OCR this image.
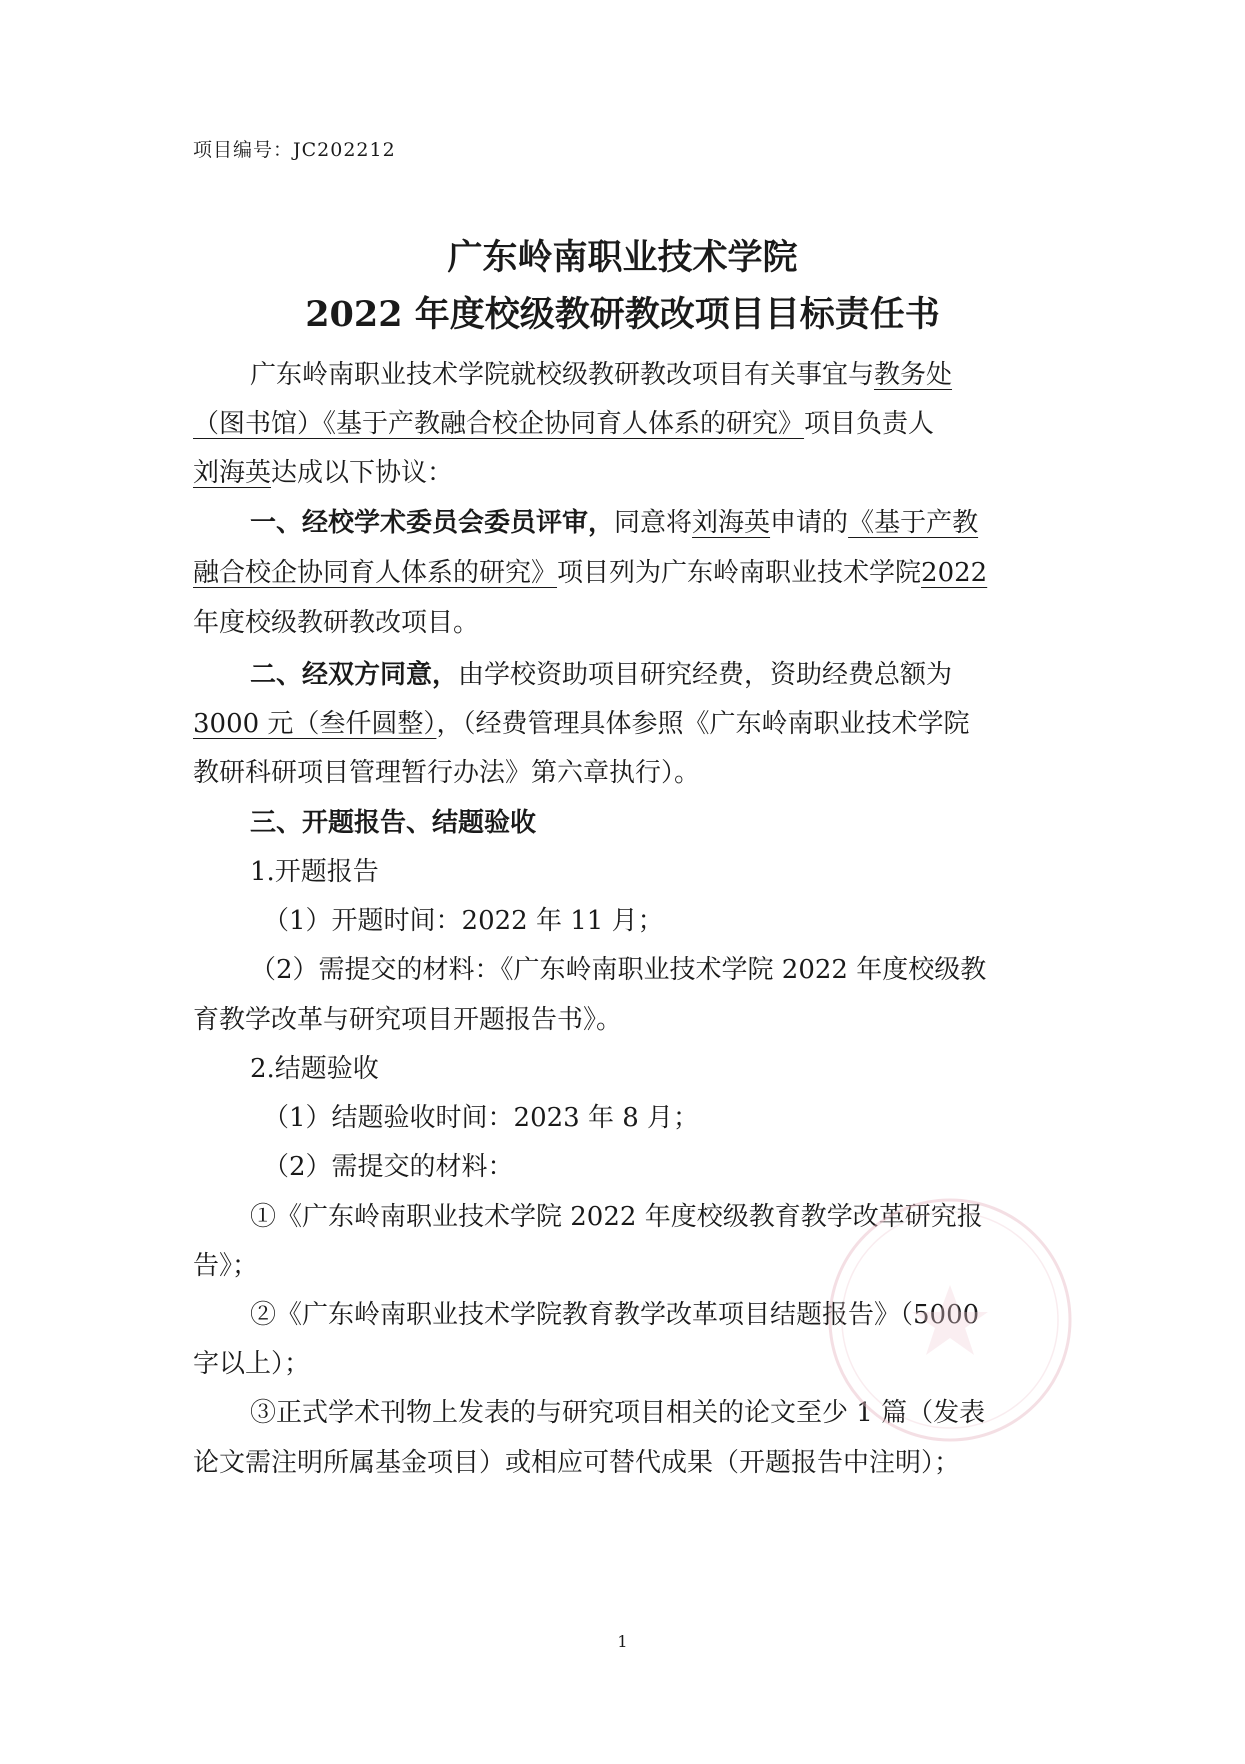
项目编号：JC202212
广东岭南职业技术学院
2022 年度校级教研教改项目目标责任书
广东岭南职业技术学院就校级教研教改项目有关事宜与教务处
（图书馆）《基于产教融合校企协同育人体系的研究》项目负责人
刘海英达成以下协议：
一、经校学术委员会委员评审，同意将刘海英申请的《基于产教
融合校企协同育人体系的研究》项目列为广东岭南职业技术学院2022
年度校级教研教改项目。
二、经双方同意，由学校资助项目研究经费，资助经费总额为
3000 元（叁仟圆整），（经费管理具体参照《广东岭南职业技术学院
教研科研项目管理暂行办法》第六章执行）。
三、开题报告、结题验收
1.开题报告
（1）开题时间：2022 年 11 月；
（2）需提交的材料：《广东岭南职业技术学院 2022 年度校级教
育教学改革与研究项目开题报告书》。
2.结题验收
（1）结题验收时间：2023 年 8 月；
（2）需提交的材料：
①《广东岭南职业技术学院 2022 年度校级教育教学改革研究报
告》；
②《广东岭南职业技术学院教育教学改革项目结题报告》（5000
字以上）；
③正式学术刊物上发表的与研究项目相关的论文至少 1 篇（发表
论文需注明所属基金项目）或相应可替代成果（开题报告中注明）；
1
